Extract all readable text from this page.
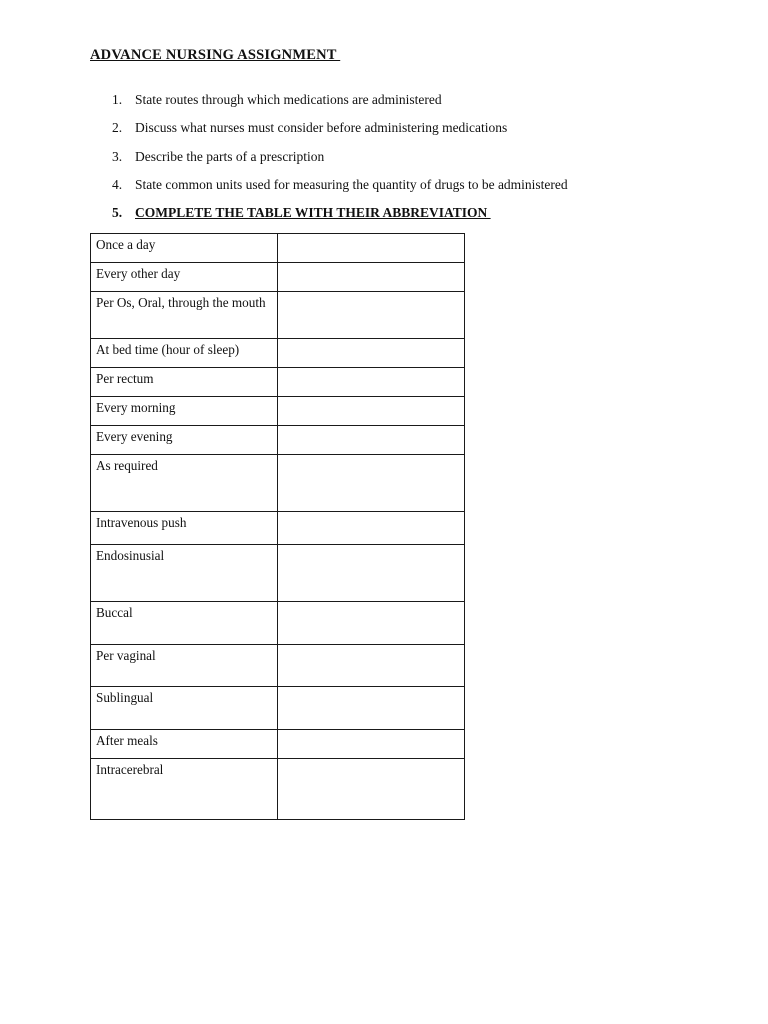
ADVANCE NURSING ASSIGNMENT
1. State routes through which medications are administered
2. Discuss what nurses must consider before administering medications
3. Describe the parts of a prescription
4. State common units used for measuring the quantity of drugs to be administered
5. COMPLETE THE TABLE WITH THEIR ABBREVIATION
Once a day	
Every other day	
Per Os, Oral, through the mouth	
At bed time (hour of sleep)	
Per rectum	
Every morning	
Every evening	
As required	
Intravenous push	
Endosinusial	
Buccal	
Per vaginal	
Sublingual	
After meals	
Intracerebral	
